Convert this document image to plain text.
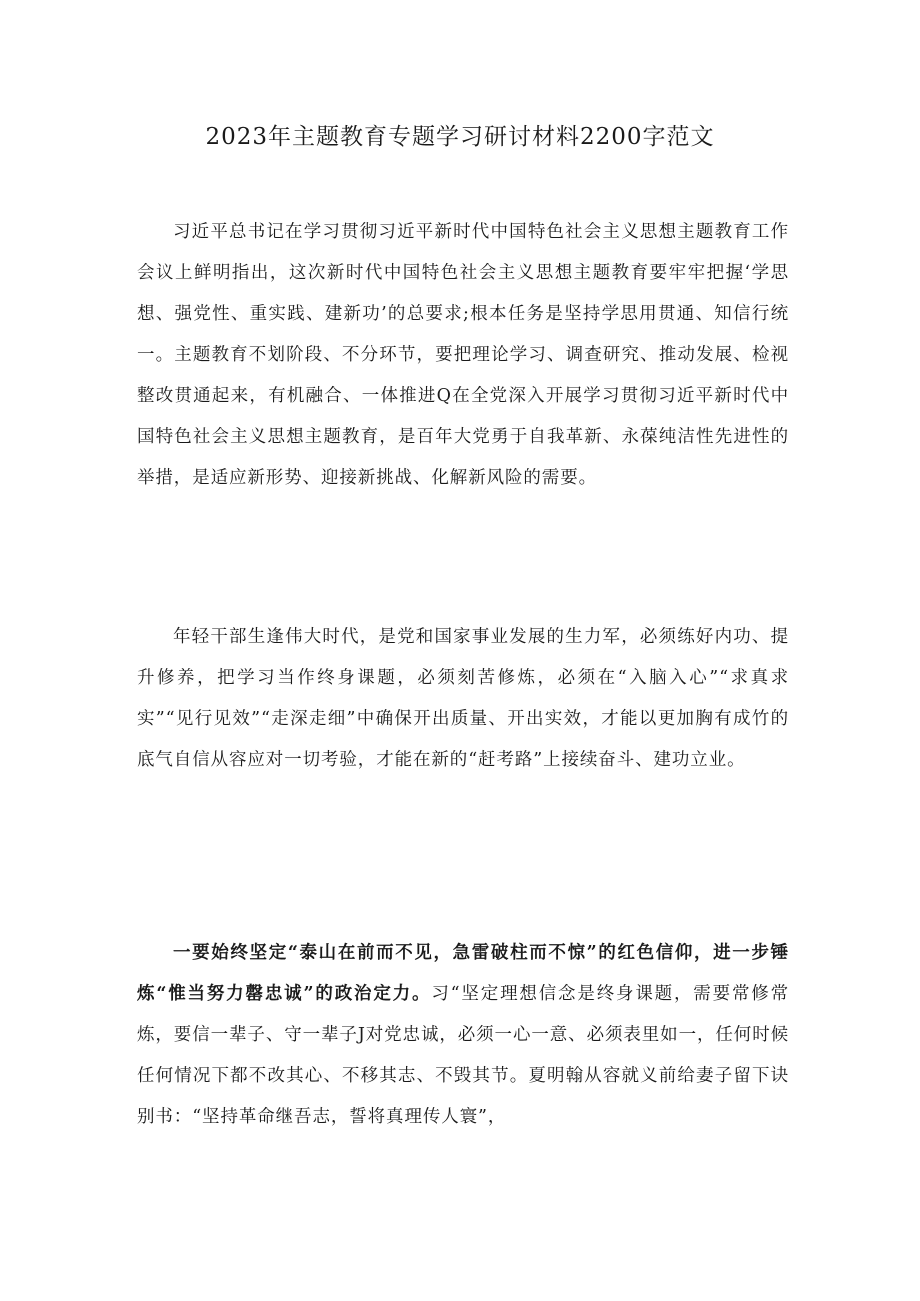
2023年主题教育专题学习研讨材料2200字范文

习近平总书记在学习贯彻习近平新时代中国特色社会主义思想主题教育工作会议上鲜明指出，这次新时代中国特色社会主义思想主题教育要牢牢把握‘学思想、强党性、重实践、建新功’的总要求;根本任务是坚持学思用贯通、知信行统一。主题教育不划阶段、不分环节，要把理论学习、调查研究、推动发展、检视整改贯通起来，有机融合、一体推进Q在全党深入开展学习贯彻习近平新时代中国特色社会主义思想主题教育，是百年大党勇于自我革新、永葆纯洁性先进性的举措，是适应新形势、迎接新挑战、化解新风险的需要。

年轻干部生逢伟大时代，是党和国家事业发展的生力军，必须练好内功、提升修养，把学习当作终身课题，必须刻苦修炼，必须在“入脑入心”“求真求实”“见行见效”“走深走细”中确保开出质量、开出实效，才能以更加胸有成竹的底气自信从容应对一切考验，才能在新的“赶考路”上接续奋斗、建功立业。

一要始终坚定“泰山在前而不见，急雷破柱而不惊”的红色信仰，进一步锤炼“惟当努力罄忠诚”的政治定力。习“坚定理想信念是终身课题，需要常修常炼，要信一辈子、守一辈子J对党忠诚，必须一心一意、必须表里如一，任何时候任何情况下都不改其心、不移其志、不毁其节。夏明翰从容就义前给妻子留下诀别书：“坚持革命继吾志，誓将真理传人寰”，
